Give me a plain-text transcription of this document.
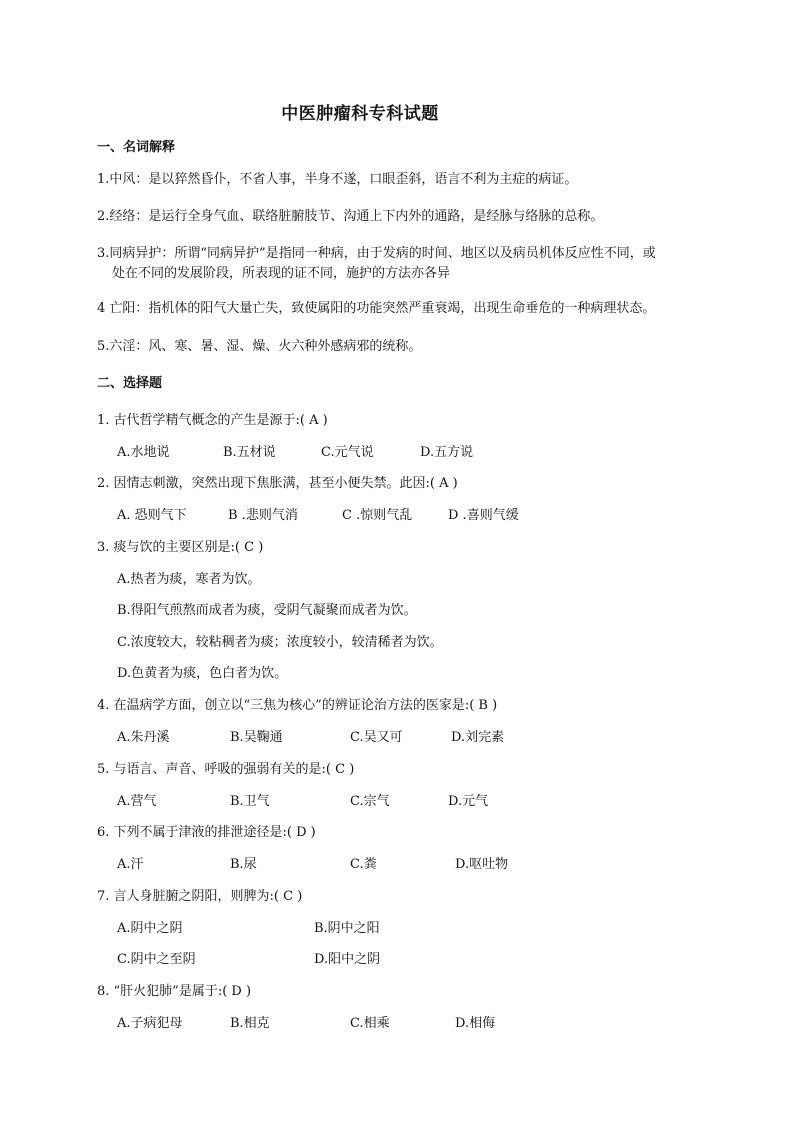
中医肿瘤科专科试题
一、名词解释
1.中风：是以猝然昏仆，不省人事，半身不遂，口眼歪斜，语言不利为主症的病证。
2.经络：是运行全身气血、联络脏腑肢节、沟通上下内外的通路，是经脉与络脉的总称。
3.同病异护：所谓“同病异护”是指同一种病，由于发病的时间、地区以及病员机体反应性不同，或
处在不同的发展阶段，所表现的证不同，施护的方法亦各异
4 亡阳：指机体的阳气大量亡失，致使属阳的功能突然严重衰竭，出现生命垂危的一种病理状态。
5.六淫：风、寒、暑、湿、燥、火六种外感病邪的统称。
二、选择题
1. 古代哲学精气概念的产生是源于:( A )
A.水地说	B.五材说	C.元气说	D.五方说
2. 因情志刺激，突然出现下焦胀满，甚至小便失禁。此因:( A )
A. 恐则气下	B .悲则气消	C .惊则气乱	D .喜则气缓
3. 痰与饮的主要区别是:( C )
A.热者为痰，寒者为饮。
B.得阳气煎熬而成者为痰，受阴气凝聚而成者为饮。
C.浓度较大，较粘稠者为痰；浓度较小，较清稀者为饮。
D.色黄者为痰，色白者为饮。
4. 在温病学方面，创立以“三焦为核心”的辨证论治方法的医家是:( B )
A.朱丹溪	B.吴鞠通	C.吴又可	D.刘完素
5. 与语言、声音、呼吸的强弱有关的是:( C )
A.营气	B.卫气	C.宗气	D.元气
6. 下列不属于津液的排泄途径是:( D )
A.汗	B.尿	C.粪	D.呕吐物
7. 言人身脏腑之阴阳，则脾为:( C )
A.阴中之阴	B.阴中之阳
C.阴中之至阴	D.阳中之阴
8. “肝火犯肺”是属于:( D )
A.子病犯母	B.相克	C.相乘	D.相侮
